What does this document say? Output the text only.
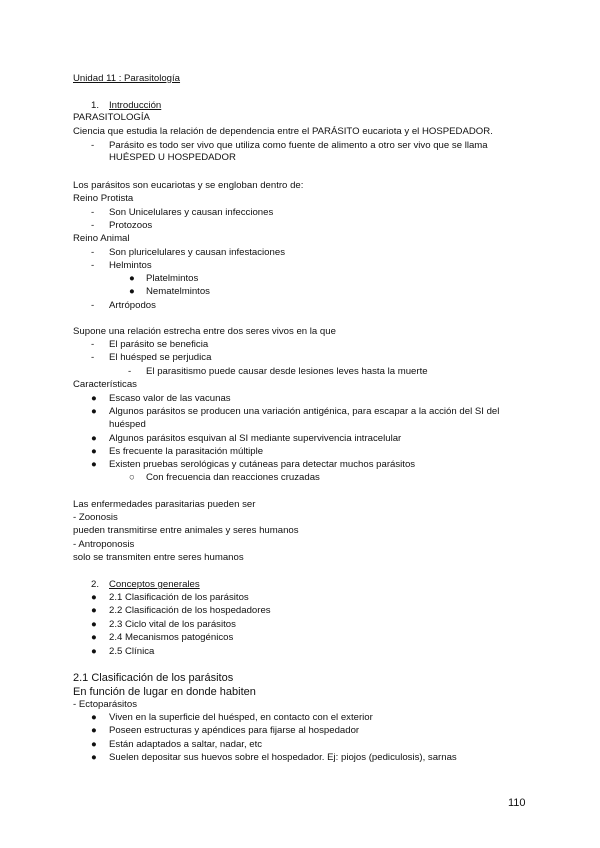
Unidad 11 : Parasitología
1. Introducción
PARASITOLOGÍA
Ciencia que estudia la relación de dependencia entre el PARÁSITO eucariota y el HOSPEDADOR.
- Parásito es todo ser vivo que utiliza como fuente de alimento a otro ser vivo que se llama
HUÉSPED U HOSPEDADOR
Los parásitos son eucariotas y se engloban dentro de:
Reino Protista
- Son Unicelulares y causan infecciones
- Protozoos
Reino Animal
- Son pluricelulares y causan infestaciones
- Helmintos
● Platelmintos
● Nematelmintos
- Artrópodos
Supone una relación estrecha entre dos seres vivos en la que
- El parásito se beneficia
- El huésped se perjudica
- El parasitismo puede causar desde lesiones leves hasta la muerte
Características
● Escaso valor de las vacunas
● Algunos parásitos se producen una variación antigénica, para escapar a la acción del SI del
huésped
● Algunos parásitos esquivan al SI mediante supervivencia intracelular
● Es frecuente la parasitación múltiple
● Existen pruebas serológicas y cutáneas para detectar muchos parásitos
○ Con frecuencia dan reacciones cruzadas
Las enfermedades parasitarias pueden ser
- Zoonosis
pueden transmitirse entre animales y seres humanos
- Antroponosis
solo se transmiten entre seres humanos
2. Conceptos generales
● 2.1 Clasificación de los parásitos
● 2.2 Clasificación de los hospedadores
● 2.3 Ciclo vital de los parásitos
● 2.4 Mecanismos patogénicos
● 2.5 Clínica
2.1 Clasificación de los parásitos
En función de lugar en donde habiten
- Ectoparásitos
● Viven en la superficie del huésped, en contacto con el exterior
● Poseen estructuras y apéndices para fijarse al hospedador
● Están adaptados a saltar, nadar, etc
● Suelen depositar sus huevos sobre el hospedador. Ej: piojos (pediculosis), sarnas
110
